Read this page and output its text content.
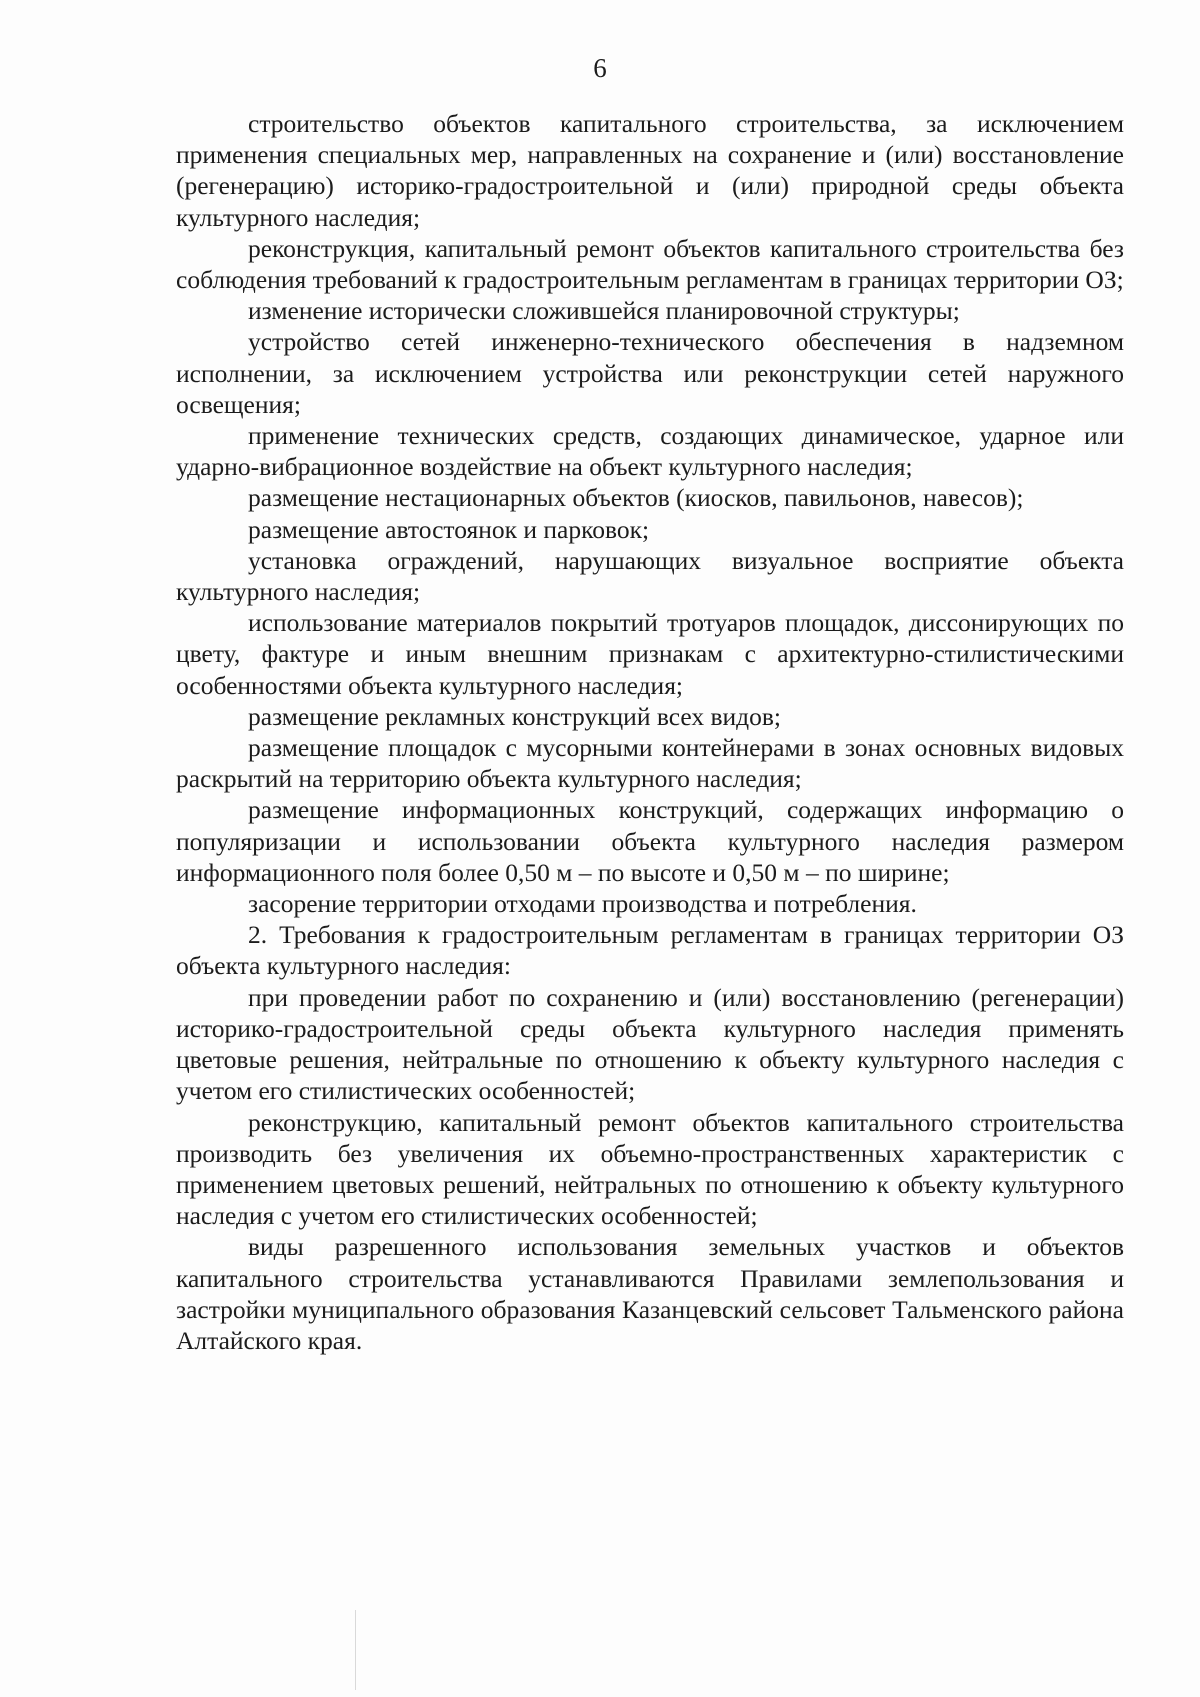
6

строительство объектов капитального строительства, за исключением применения специальных мер, направленных на сохранение и (или) восстановление (регенерацию) историко-градостроительной и (или) природной среды объекта культурного наследия;

реконструкция, капитальный ремонт объектов капитального строительства без соблюдения требований к градостроительным регламентам в границах территории ОЗ;

изменение исторически сложившейся планировочной структуры;

устройство сетей инженерно-технического обеспечения в надземном исполнении, за исключением устройства или реконструкции сетей наружного освещения;

применение технических средств, создающих динамическое, ударное или ударно-вибрационное воздействие на объект культурного наследия;

размещение нестационарных объектов (киосков, павильонов, навесов);

размещение автостоянок и парковок;

установка ограждений, нарушающих визуальное восприятие объекта культурного наследия;

использование материалов покрытий тротуаров площадок, диссонирующих по цвету, фактуре и иным внешним признакам с архитектурно-стилистическими особенностями объекта культурного наследия;

размещение рекламных конструкций всех видов;

размещение площадок с мусорными контейнерами в зонах основных видовых раскрытий на территорию объекта культурного наследия;

размещение информационных конструкций, содержащих информацию о популяризации и использовании объекта культурного наследия размером информационного поля более 0,50 м – по высоте и 0,50 м – по ширине;

засорение территории отходами производства и потребления.

2. Требования к градостроительным регламентам в границах территории ОЗ объекта культурного наследия:

при проведении работ по сохранению и (или) восстановлению (регенерации) историко-градостроительной среды объекта культурного наследия применять цветовые решения, нейтральные по отношению к объекту культурного наследия с учетом его стилистических особенностей;

реконструкцию, капитальный ремонт объектов капитального строительства производить без увеличения их объемно-пространственных характеристик с применением цветовых решений, нейтральных по отношению к объекту культурного наследия с учетом его стилистических особенностей;

виды разрешенного использования земельных участков и объектов капитального строительства устанавливаются Правилами землепользования и застройки муниципального образования Казанцевский сельсовет Тальменского района Алтайского края.
